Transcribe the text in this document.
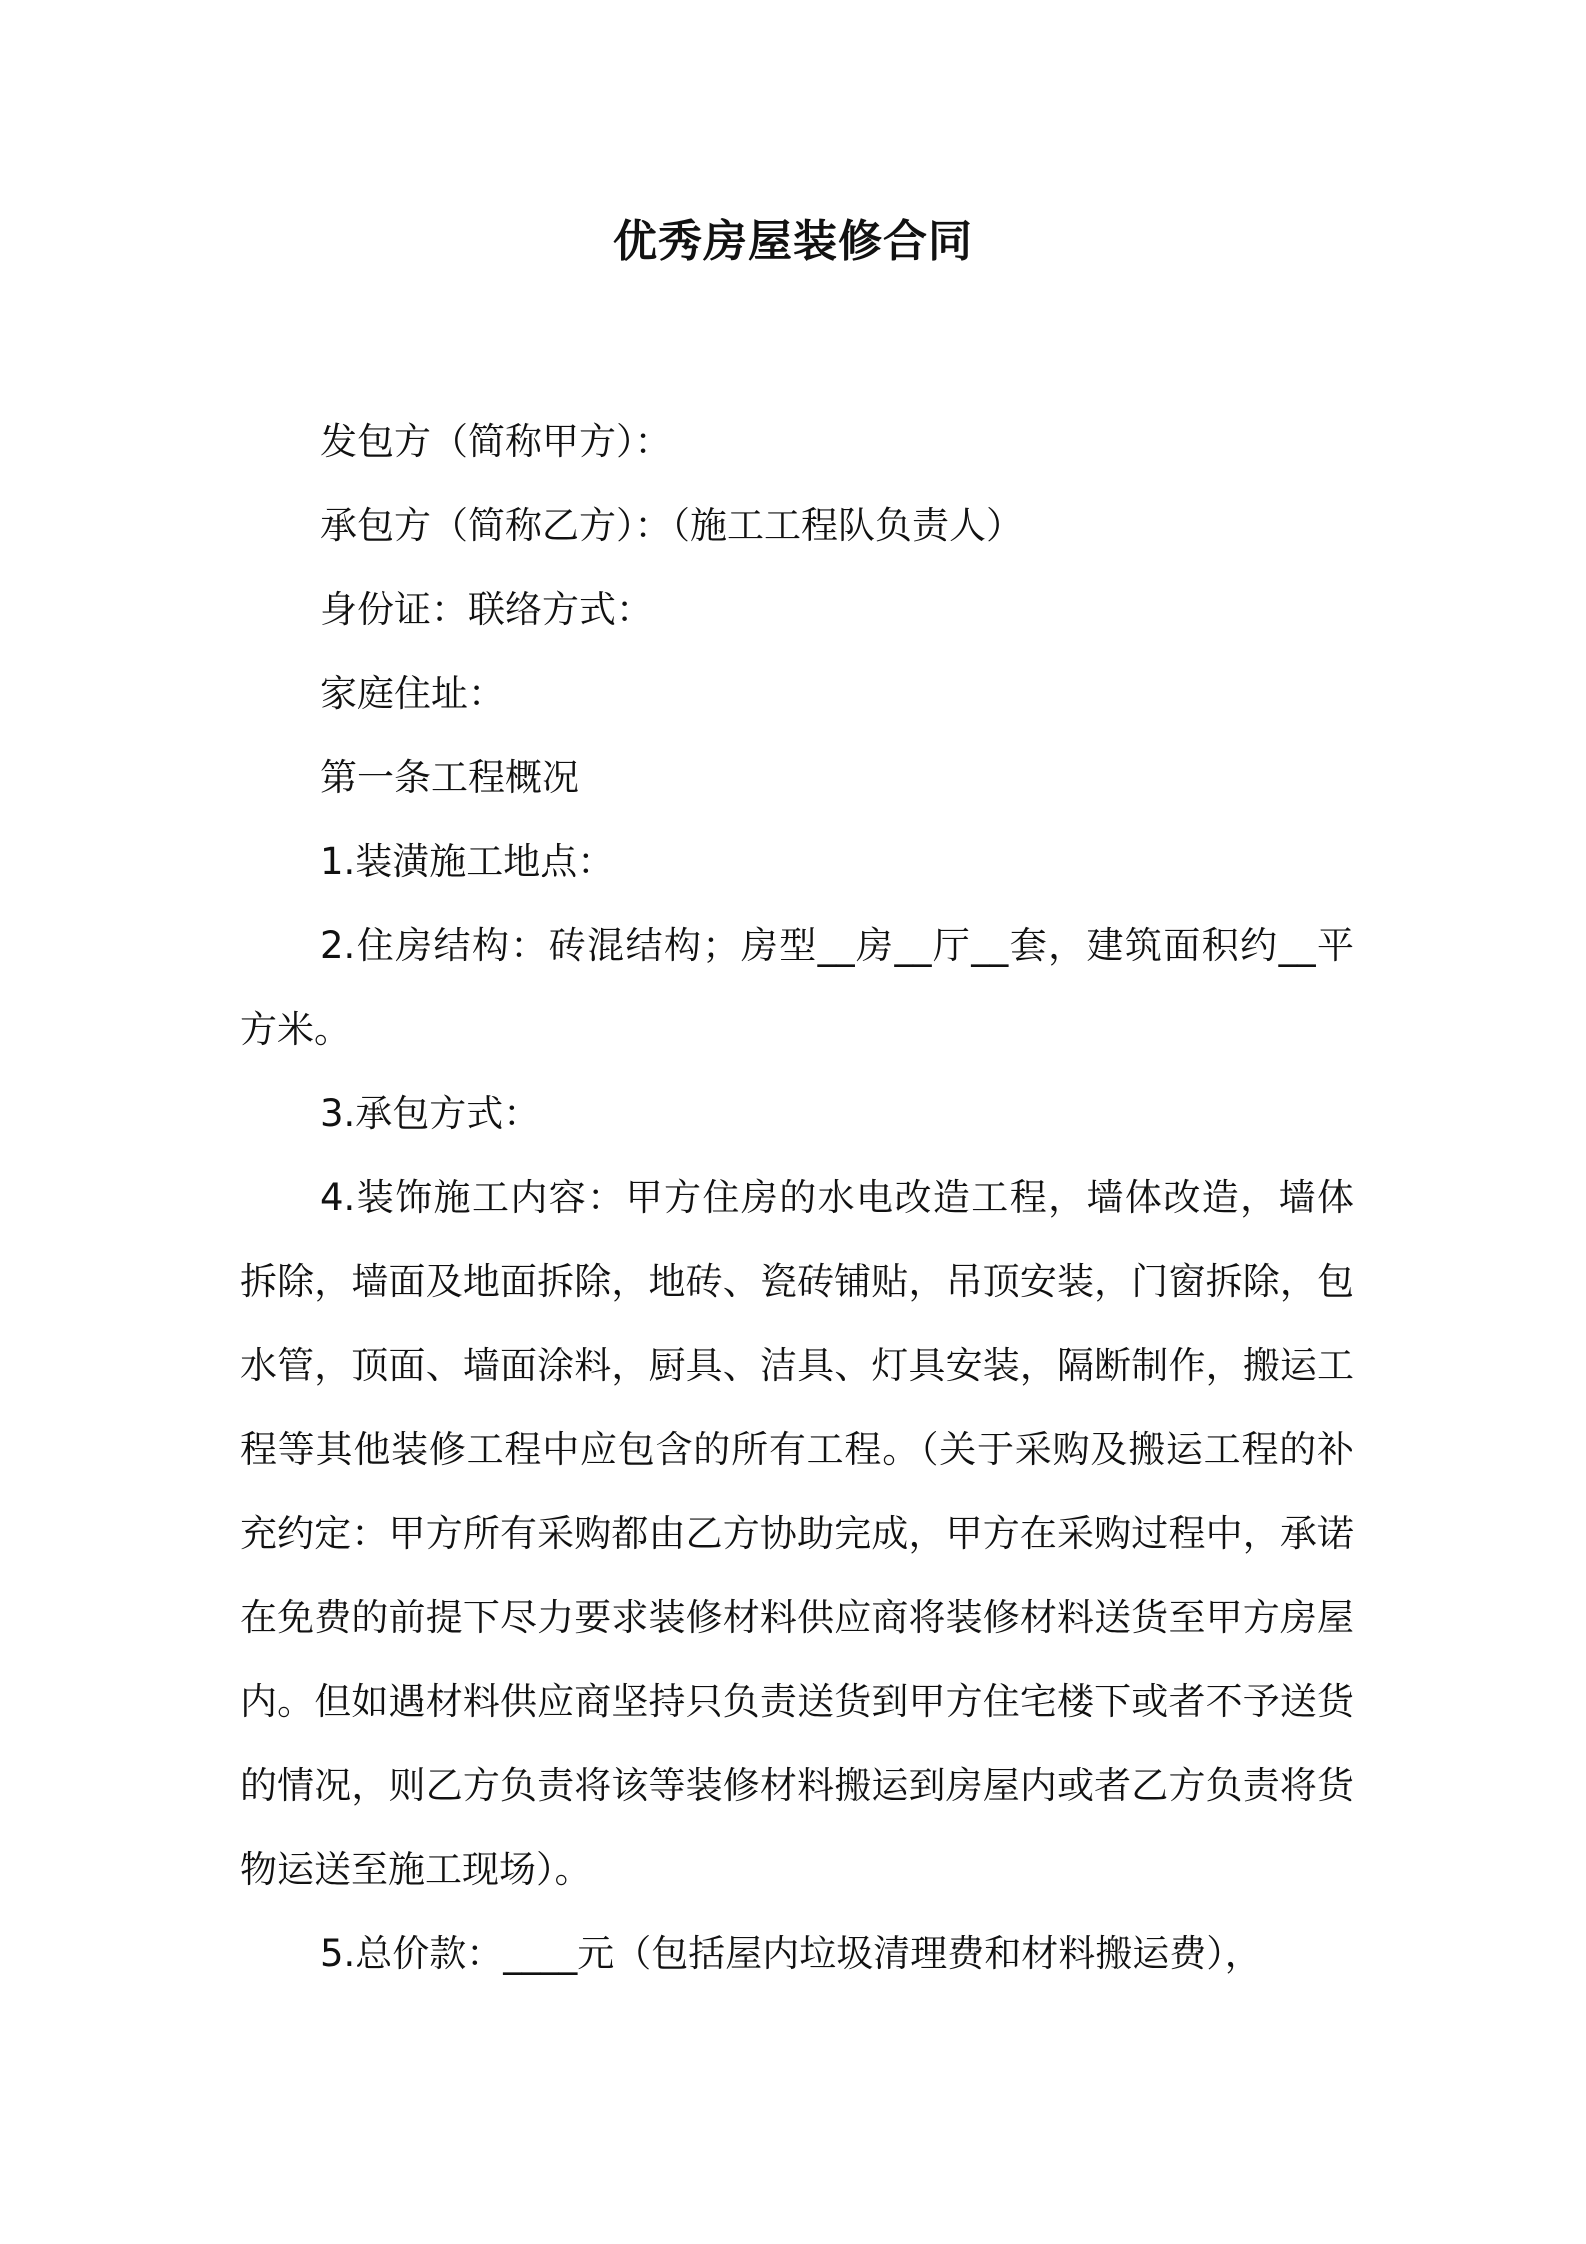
优秀房屋装修合同

发包方（简称甲方）：

承包方（简称乙方）：（施工工程队负责人）

身份证：联络方式：

家庭住址：

第一条工程概况

1.装潢施工地点：

2.住房结构：砖混结构；房型__房__厅__套，建筑面积约__平方米。

3.承包方式：

4.装饰施工内容：甲方住房的水电改造工程，墙体改造，墙体拆除，墙面及地面拆除，地砖、瓷砖铺贴，吊顶安装，门窗拆除，包水管，顶面、墙面涂料，厨具、洁具、灯具安装，隔断制作，搬运工程等其他装修工程中应包含的所有工程。（关于采购及搬运工程的补充约定：甲方所有采购都由乙方协助完成，甲方在采购过程中，承诺在免费的前提下尽力要求装修材料供应商将装修材料送货至甲方房屋内。但如遇材料供应商坚持只负责送货到甲方住宅楼下或者不予送货的情况，则乙方负责将该等装修材料搬运到房屋内或者乙方负责将货物运送至施工现场）。

5.总价款：____元（包括屋内垃圾清理费和材料搬运费），
